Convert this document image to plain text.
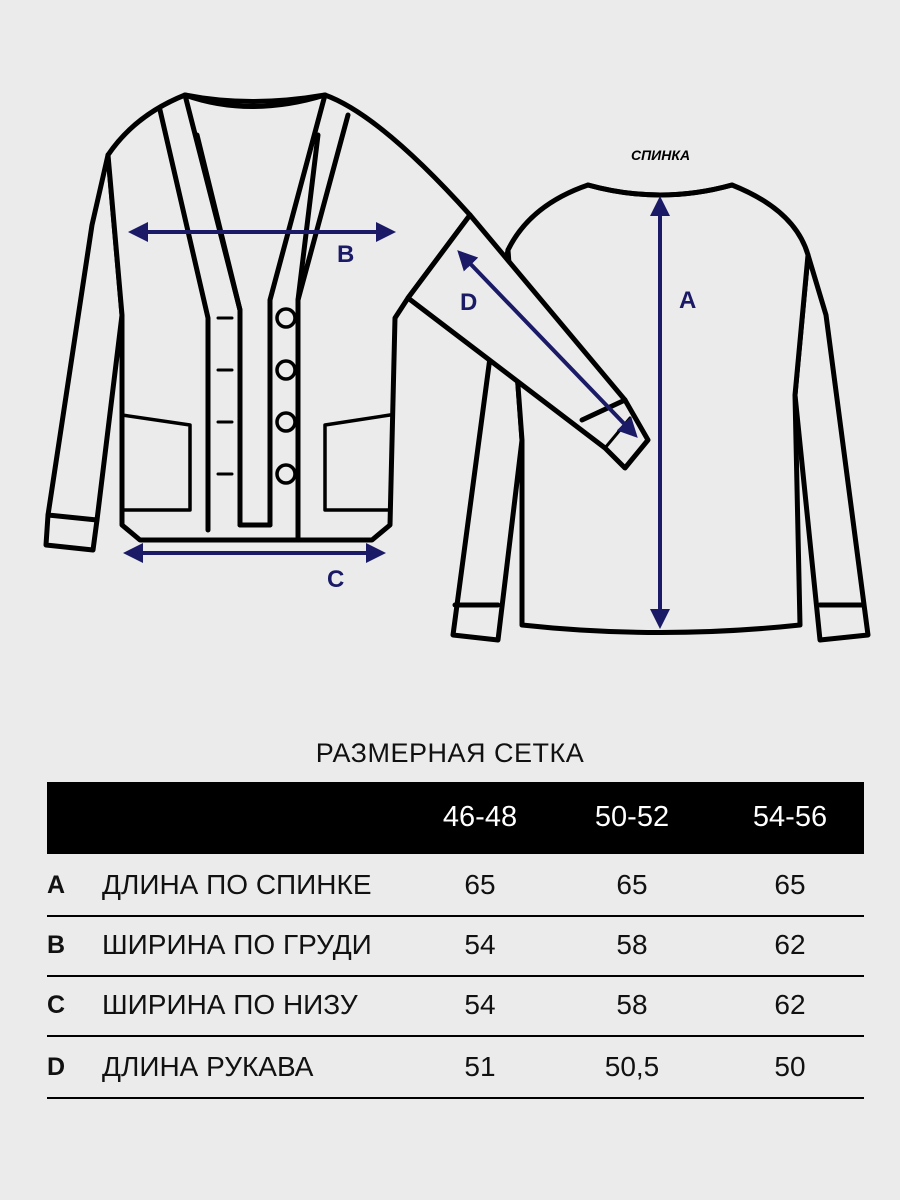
B
C
D	A
СПИНКА
РАЗМЕРНАЯ СЕТКА
46-48	50-52	54-56
A ДЛИНА ПО СПИНКЕ	65	65	65
B ШИРИНА ПО ГРУДИ	54	58	62
C ШИРИНА ПО НИЗУ	54	58	62
D ДЛИНА РУКАВА	51	50,5	50
